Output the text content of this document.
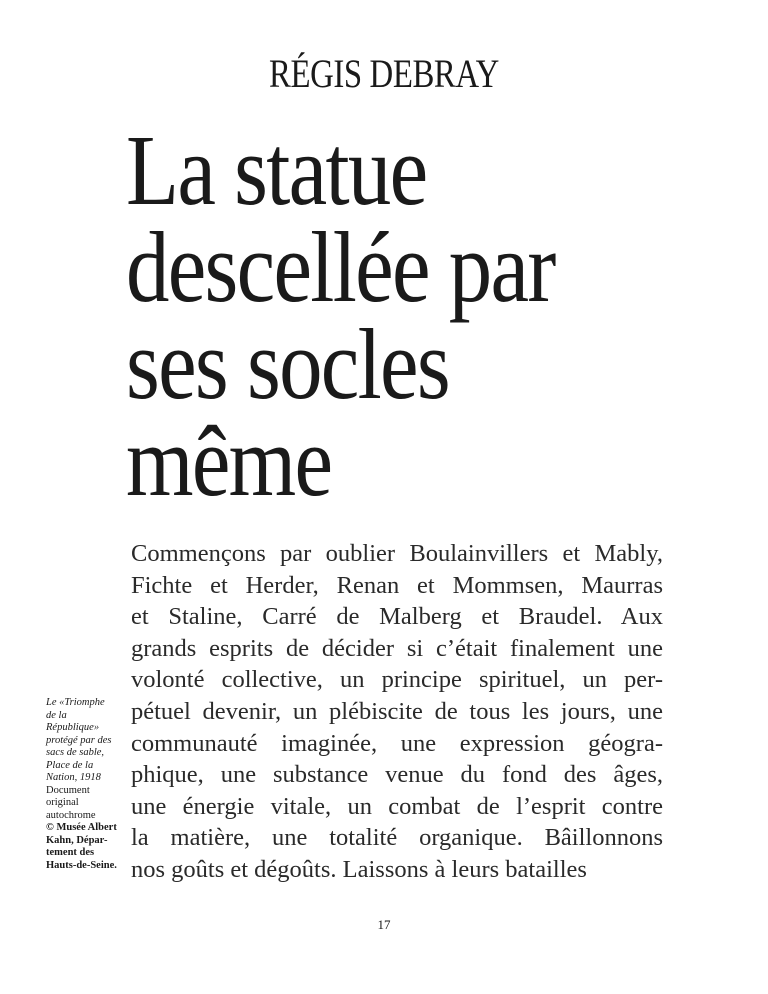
RÉGIS DEBRAY
La statue
descellée par
ses socles
même
Le «Triomphe
de la
République»
protégé par des
sacs de sable,
Place de la
Nation, 1918
Document original
autochrome
© Musée Albert
Kahn, Dépar-
tement des
Hauts-de-Seine.

Commençons par oublier Boulainvillers et Mably,
Fichte et Herder, Renan et Mommsen, Maurras
et Staline, Carré de Malberg et Braudel. Aux
grands esprits de décider si c’était finalement une
volonté collective, un principe spirituel, un per-
pétuel devenir, un plébiscite de tous les jours, une
communauté imaginée, une expression géogra-
phique, une substance venue du fond des âges,
une énergie vitale, un combat de l’esprit contre
la matière, une totalité organique. Bâillonnons
nos goûts et dégoûts. Laissons à leurs batailles

17
